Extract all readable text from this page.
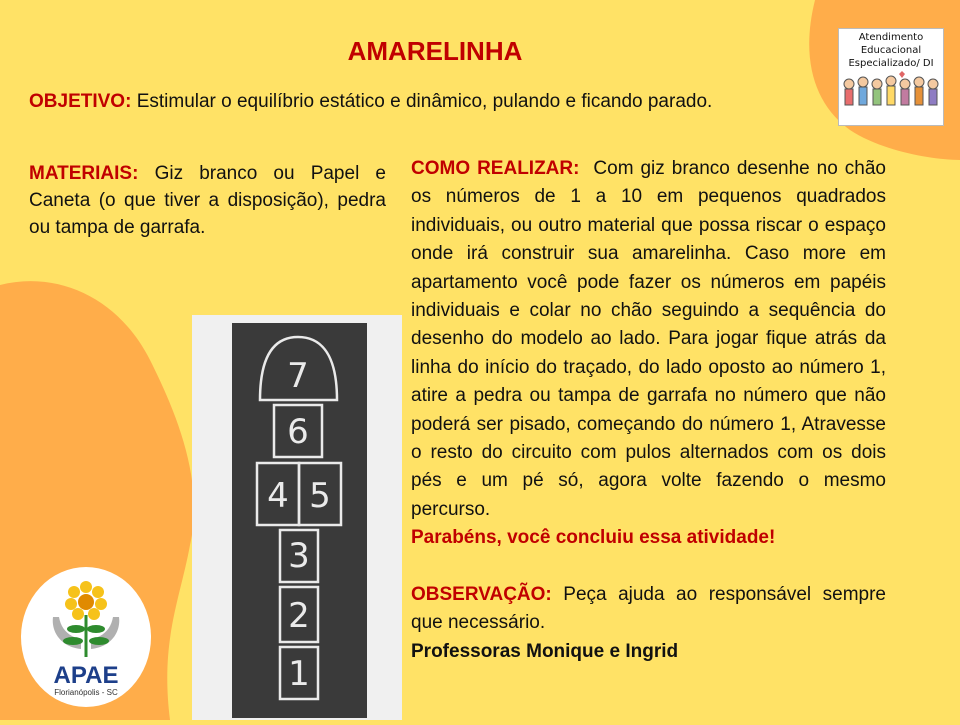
AMARELINHA	Atendimento
Educacional
Especializado/ DI
OBJETIVO: Estimular o equilíbrio estático e dinâmico, pulando e ficando parado.
MATERIAIS: Giz branco ou Papel e Caneta (o que tiver a disposição), pedra ou tampa de garrafa.
COMO REALIZAR: Com giz branco desenhe no chão os números de 1 a 10 em pequenos quadrados individuais, ou outro material que possa riscar o espaço onde irá construir sua amarelinha. Caso more em apartamento você pode fazer os números em papéis individuais e colar no chão seguindo a sequência do desenho do modelo ao lado. Para jogar fique atrás da linha do início do traçado, do lado oposto ao número 1, atire a pedra ou tampa de garrafa no número que não poderá ser pisado, começando do número 1, Atravesse o resto do circuito com pulos alternados com os dois pés e um pé só, agora volte fazendo o mesmo percurso.
Parabéns, você concluiu essa atividade!
OBSERVAÇÃO: Peça ajuda ao responsável sempre que necessário.
Professoras Monique e Ingrid
7
6
4 5
3
2
1
APAE
Florianópolis - SC
